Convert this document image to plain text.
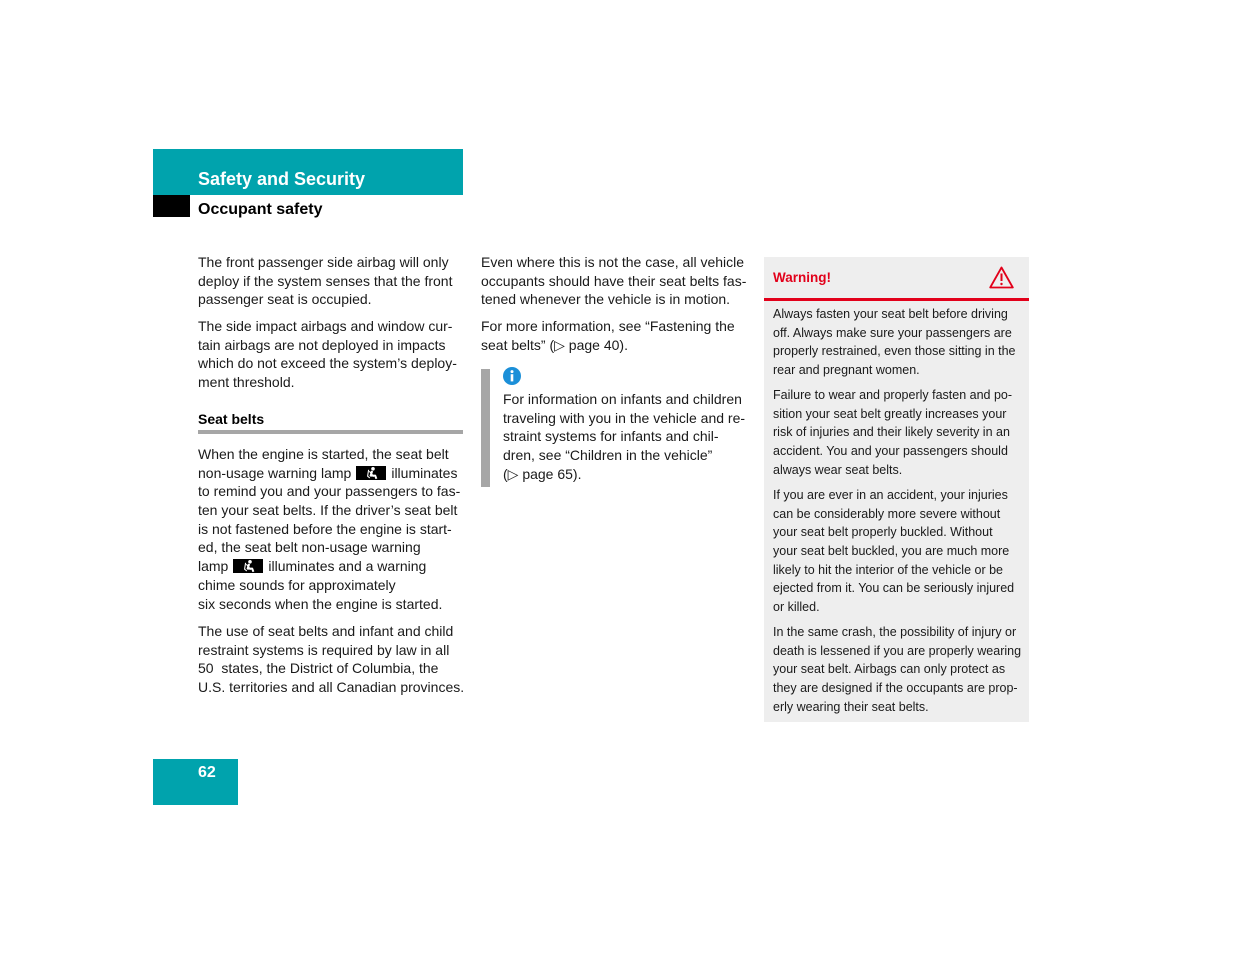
Safety and Security
Occupant safety
The front passenger side airbag will only
deploy if the system senses that the front
passenger seat is occupied.
The side impact airbags and window cur-
tain airbags are not deployed in impacts
which do not exceed the system’s deploy-
ment threshold.
Seat belts
When the engine is started, the seat belt
non-usage warning lamp	illuminates
to remind you and your passengers to fas-
ten your seat belts. If the driver’s seat belt
is not fastened before the engine is start-
ed, the seat belt non-usage warning
lamp	illuminates and a warning
chime sounds for approximately
six seconds when the engine is started.
The use of seat belts and infant and child
restraint systems is required by law in all
50  states, the District of Columbia, the
U.S. territories and all Canadian provinces.
Even where this is not the case, all vehicle
occupants should have their seat belts fas-
tened whenever the vehicle is in motion.
For more information, see “Fastening the
seat belts” (▷ page 40).
For information on infants and children
traveling with you in the vehicle and re-
straint systems for infants and chil-
dren, see “Children in the vehicle”
(▷ page 65).
Warning!
Always fasten your seat belt before driving
off. Always make sure your passengers are
properly restrained, even those sitting in the
rear and pregnant women.
Failure to wear and properly fasten and po-
sition your seat belt greatly increases your
risk of injuries and their likely severity in an
accident. You and your passengers should
always wear seat belts.
If you are ever in an accident, your injuries
can be considerably more severe without
your seat belt properly buckled. Without
your seat belt buckled, you are much more
likely to hit the interior of the vehicle or be
ejected from it. You can be seriously injured
or killed.
In the same crash, the possibility of injury or
death is lessened if you are properly wearing
your seat belt. Airbags can only protect as
they are designed if the occupants are prop-
erly wearing their seat belts.
62
